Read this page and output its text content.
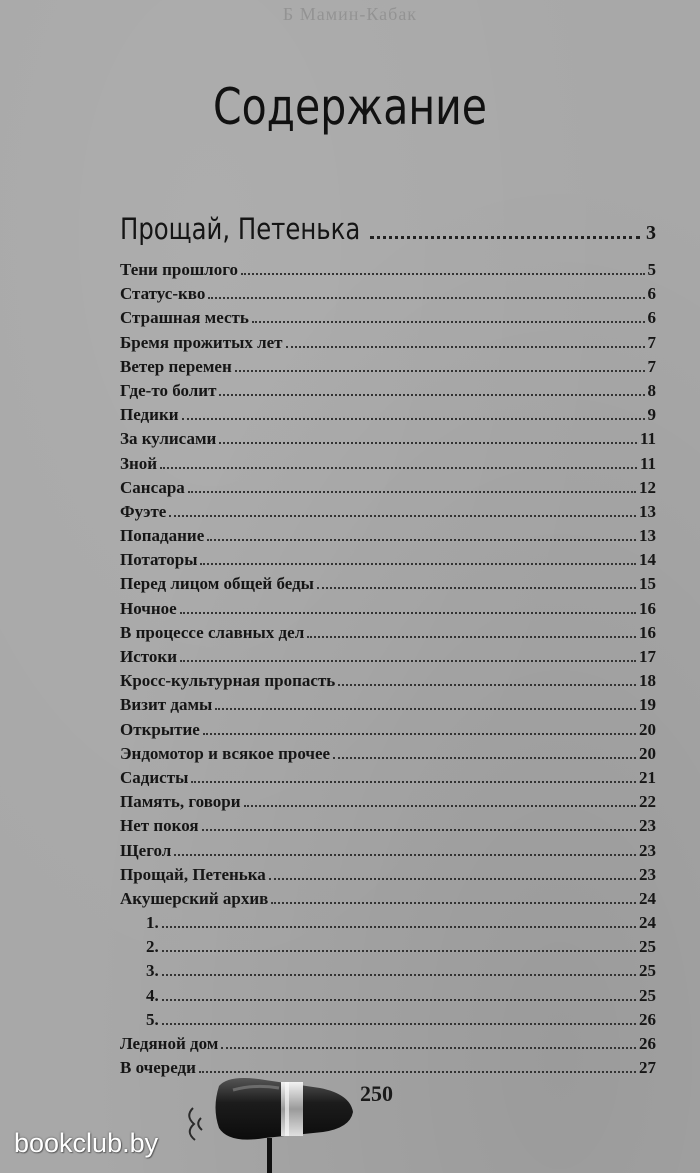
Б Мамин-Кабак
Содержание
Прощай, Петенька	3
Тени прошлого	5
Статус-кво	6
Страшная месть	6
Бремя прожитых лет	7
Ветер перемен	7
Где-то болит	8
Педики	9
За кулисами	11
Зной	11
Сансара	12
Фуэте	13
Попадание	13
Потаторы	14
Перед лицом общей беды	15
Ночное	16
В процессе славных дел	16
Истоки	17
Кросс-культурная пропасть	18
Визит дамы	19
Открытие	20
Эндомотор и всякое прочее	20
Садисты	21
Память, говори	22
Нет покоя	23
Щегол	23
Прощай, Петенька	23
Акушерский архив	24
1.	24
2.	25
3.	25
4.	25
5.	26
Ледяной дом	26
В очереди	27
250
bookclub.by
